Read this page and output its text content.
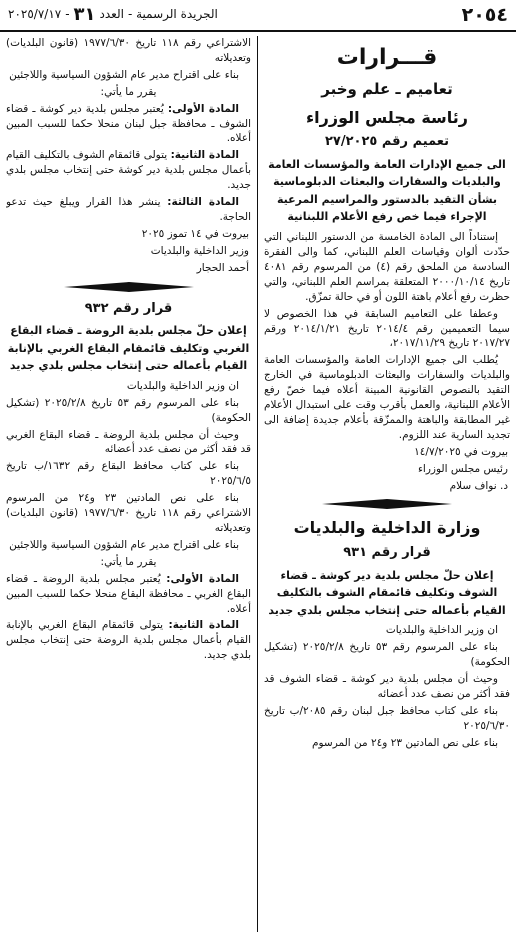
٢٠٥٤
الجريدة الرسمية -
العدد
٣١
-
٢٠٢٥/٧/١٧
قـــرارات
تعاميم ـ علم وخبر
رئاسة مجلس الوزراء
تعميم رقم ٢٧/٢٠٢٥
الى جميع الإدارات العامة والمؤسسات العامة والبلديات والسفارات والبعثات الدبلوماسية بشأن التقيد بالدستور والمراسيم المرعية الإجراء فيما خص رفع الأعلام اللبنانية

إستناداً الى المادة الخامسة من الدستور اللبناني التي حدّدت ألوان وقياسات العلم اللبناني، كما والى الفقرة السادسة من الملحق رقم (٤) من المرسوم رقم ٤٠٨١ تاريخ ٢٠٠٠/١٠/١٤ المتعلقة بمراسم العلم اللبناني، والتي حظرت رفع أعلام باهتة اللون أو في حالة تمزّق.

وعطفا على التعاميم السابقة في هذا الخصوص لا سيما التعميمين رقم ٢٠١٤/٤ تاريخ ٢٠١٤/١/٢١ ورقم ٢٠١٧/٢٧ تاريخ ٢٠١٧/١١/٢٩،

يُطلب الى جميع الإدارات العامة والمؤسسات العامة والبلديات والسفارات والبعثات الدبلوماسية في الخارج التقيد بالنصوص القانونية المبينة أعلاه فيما خصّ رفع الأعلام اللبنانية، والعمل بأقرب وقت على استبدال الأعلام غير المطابقة والباهتة والممزّقة بأعلام جديدة إضافة الى تجديد السارية عند اللزوم.

بيروت في ١٤/٧/٢٠٢٥

رئيس مجلس الوزراء

د. نواف سلام

وزارة الداخلية والبلديات
قرار رقم ٩٣١
إعلان حلّ مجلس بلدية دير كوشة ـ قضاء الشوف وتكليف قائمقام الشوف بالتكليف القيام بأعماله حتى إنتخاب مجلس بلدي جديد

ان وزير الداخلية والبلديات

بناء على المرسوم رقم ٥٣ تاريخ ٢٠٢٥/٢/٨ (تشكيل الحكومة)

وحيث أن مجلس بلدية دير كوشة ـ قضاء الشوف قد فقد أكثر من نصف عدد أعضائه

بناء على كتاب محافظ جبل لبنان رقم ٢٠٨٥/ب تاريخ ٢٠٢٥/٦/٣٠

بناء على نص المادتين ٢٣ و٢٤ من المرسوم

الاشتراعي رقم ١١٨ تاريخ ١٩٧٧/٦/٣٠ (قانون البلديات) وتعديلاته

بناء على اقتراح مدير عام الشؤون السياسية واللاجئين

يقرر ما يأتي:

المادة الأولى: يُعتبر مجلس بلدية دير كوشة ـ قضاء الشوف ـ محافظة جبل لبنان منحلا حكما للسبب المبين أعلاه.

المادة الثانية: يتولى قائمقام الشوف بالتكليف القيام بأعمال مجلس بلدية دير كوشة حتى إنتخاب مجلس بلدي جديد.

المادة الثالثة: ينشر هذا القرار ويبلغ حيث تدعو الحاجة.

بيروت في ١٤ تموز ٢٠٢٥

وزير الداخلية والبلديات

أحمد الحجار

قرار رقم ٩٣٢
إعلان حلّ مجلس بلدية الروضة ـ قضاء البقاع الغربي وتكليف قائمقام البقاع الغربي بالإنابة القيام بأعماله حتى إنتخاب مجلس بلدي جديد

ان وزير الداخلية والبلديات

بناء على المرسوم رقم ٥٣ تاريخ ٢٠٢٥/٢/٨ (تشكيل الحكومة)

وحيث أن مجلس بلدية الروضة ـ قضاء البقاع الغربي قد فقد أكثر من نصف عدد أعضائه

بناء على كتاب محافظ البقاع رقم ١٦٣٢/ب تاريخ ٢٠٢٥/٦/٥

بناء على نص المادتين ٢٣ و٢٤ من المرسوم الاشتراعي رقم ١١٨ تاريخ ١٩٧٧/٦/٣٠ (قانون البلديات) وتعديلاته

بناء على اقتراح مدير عام الشؤون السياسية واللاجئين

يقرر ما يأتي:

المادة الأولى: يُعتبر مجلس بلدية الروضة ـ قضاء البقاع الغربي ـ محافظة البقاع منحلا حكما للسبب المبين أعلاه.

المادة الثانية: يتولى قائمقام البقاع الغربي بالإنابة القيام بأعمال مجلس بلدية الروضة حتى إنتخاب مجلس بلدي جديد.
